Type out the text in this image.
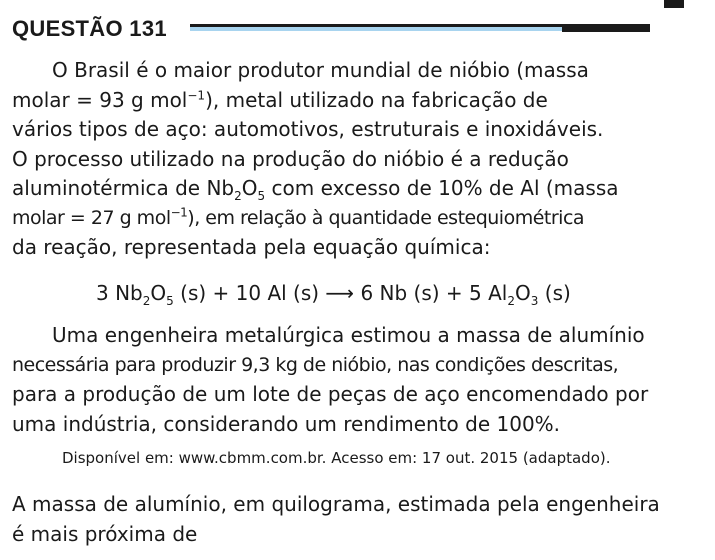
QUESTÃO 131
O Brasil é o maior produtor mundial de nióbio (massa
molar = 93 g mol$^{-1}$), metal utilizado na fabricação de
vários tipos de aço: automotivos, estruturais e inoxidáveis.
O processo utilizado na produção do nióbio é a redução
aluminotérmica de $Nb_2O_5$ com excesso de 10% de Al (massa
molar = 27 g mol$^{-1}$), em relação à quantidade estequiométrica
da reação, representada pela equação química:
3 $Nb_2O_5$ (s) + 10 Al (s) ⟶ 6 Nb (s) + 5 $Al_2O_3$ (s)
Uma engenheira metalúrgica estimou a massa de alumínio
necessária para produzir 9,3 kg de nióbio, nas condições descritas,
para a produção de um lote de peças de aço encomendado por
uma indústria, considerando um rendimento de 100%.
Disponível em: www.cbmm.com.br. Acesso em: 17 out. 2015 (adaptado).
A massa de alumínio, em quilograma, estimada pela engenheira
é mais próxima de
